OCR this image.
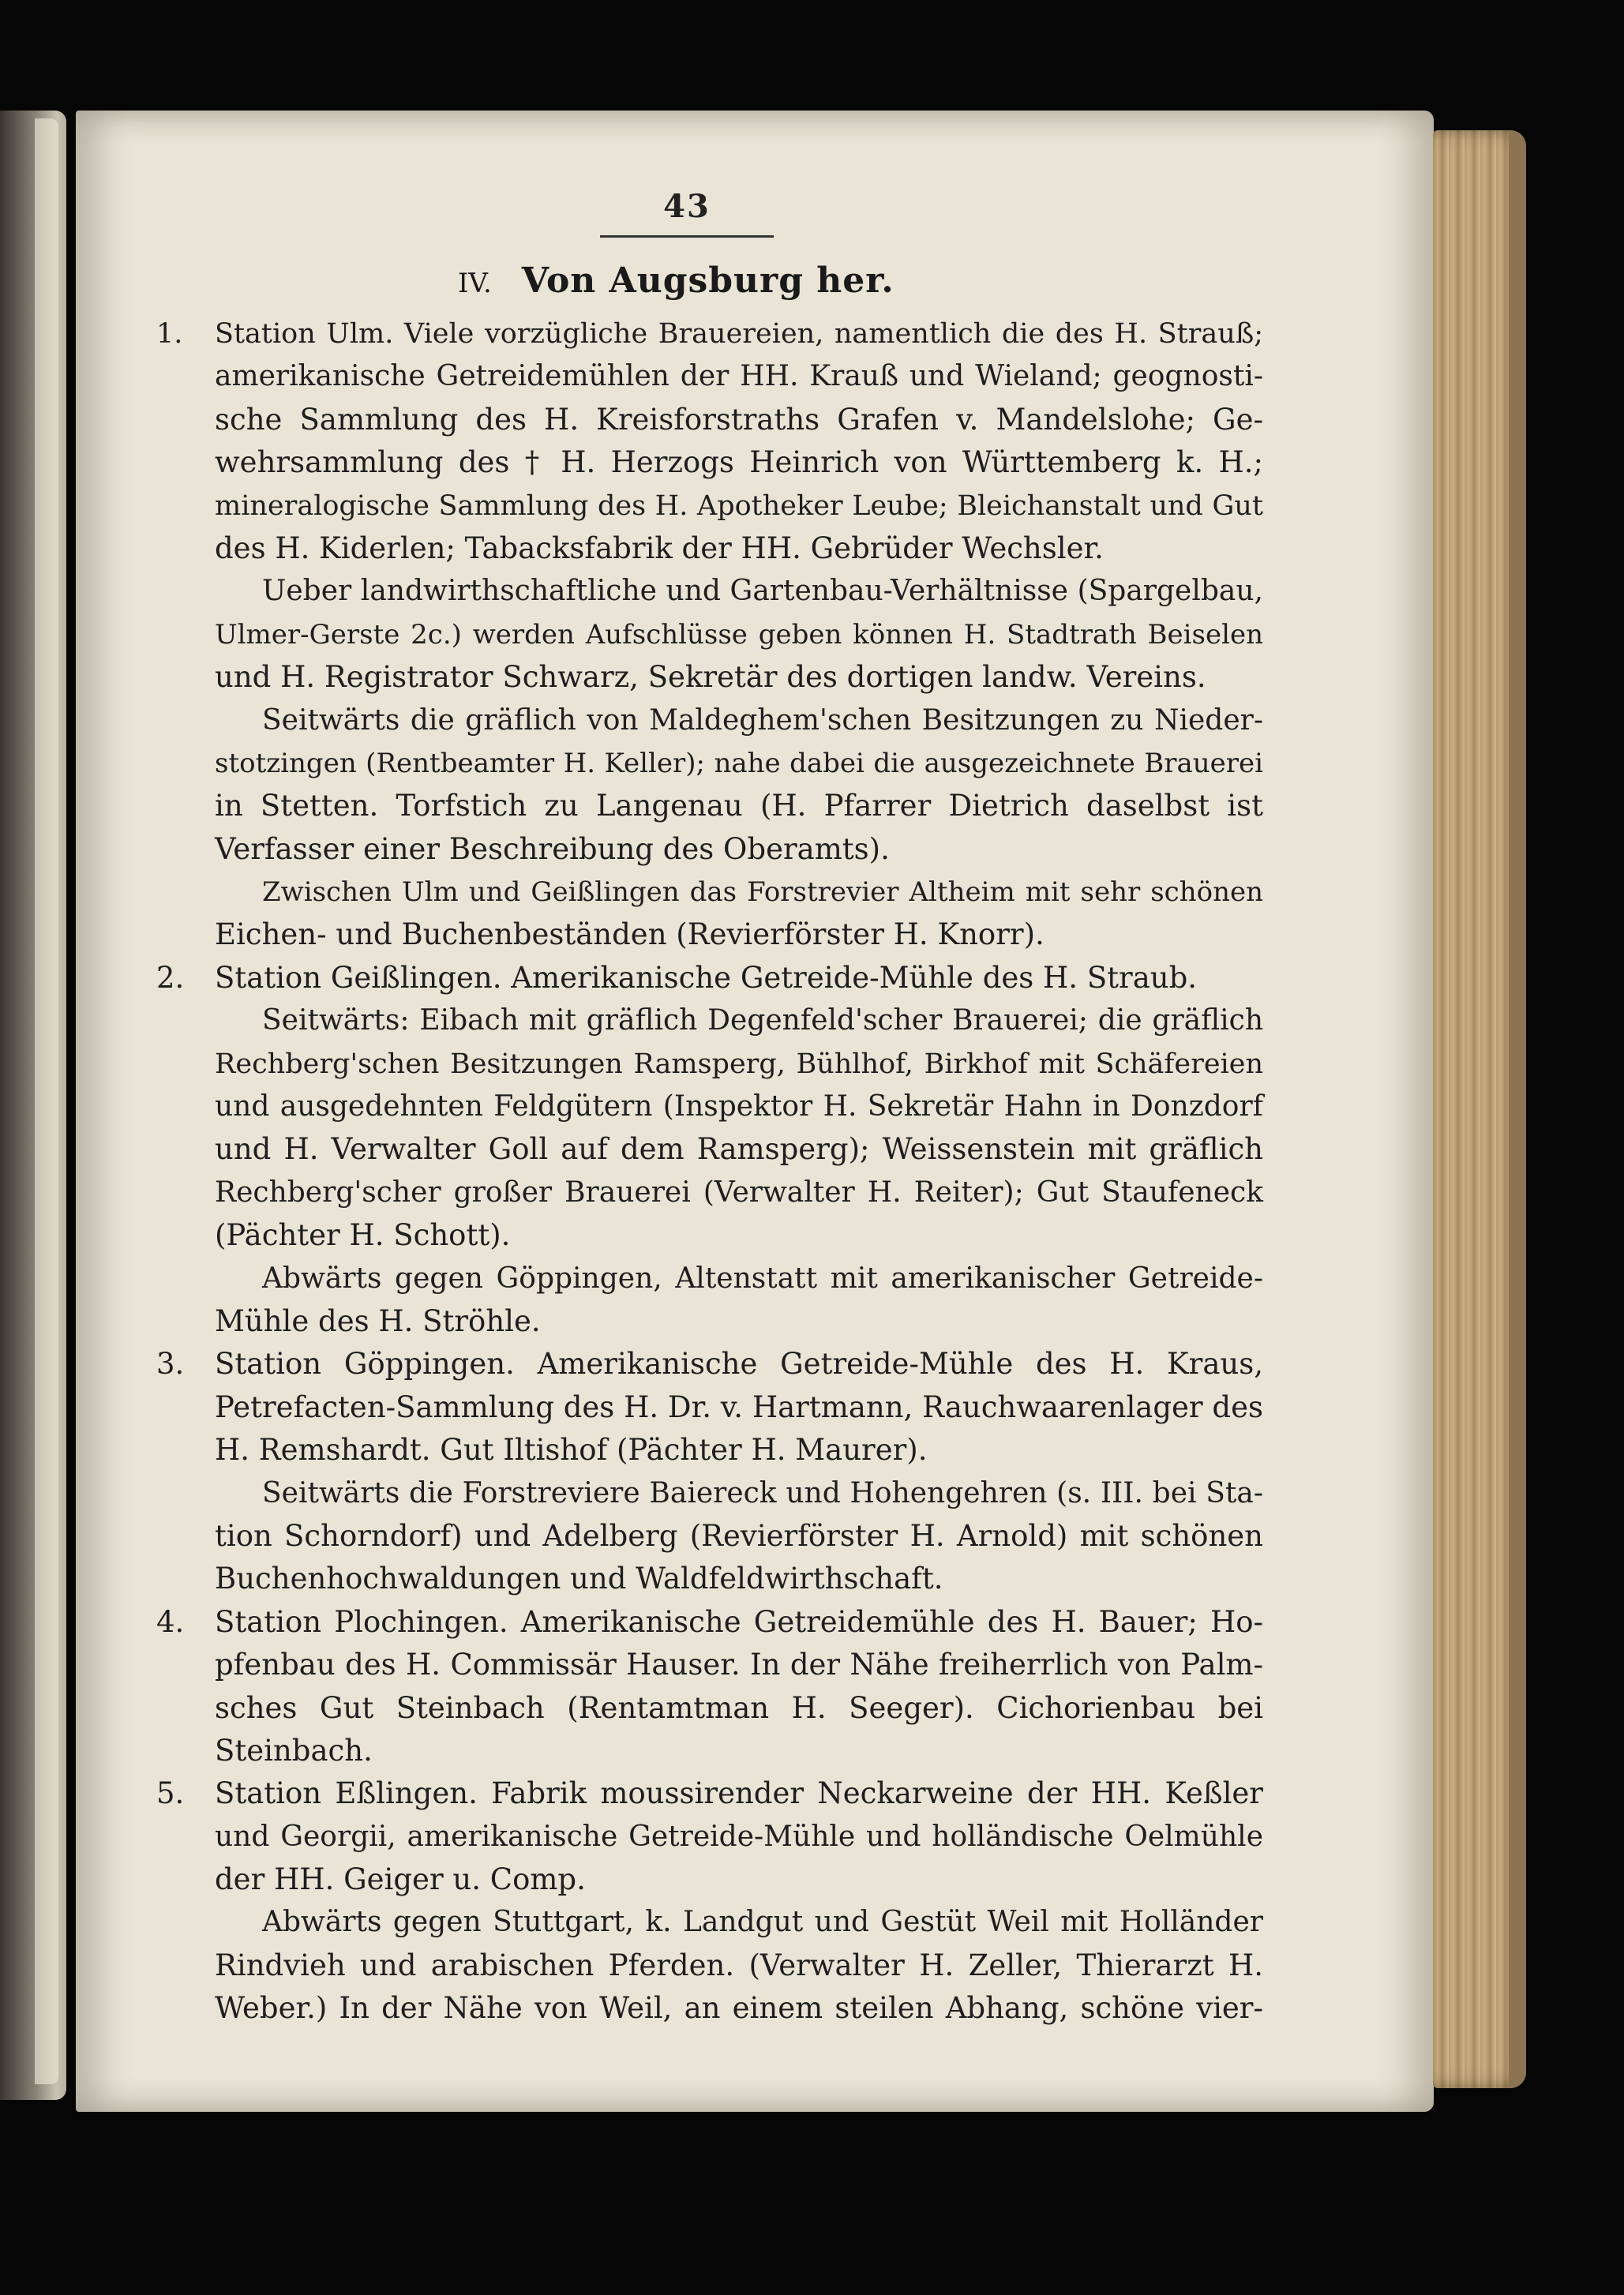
43
IV. Von Augsburg her.
1. Station Ulm. Viele vorzügliche Brauereien, namentlich die des H. Strauß;
amerikanische Getreidemühlen der HH. Krauß und Wieland; geognosti-
sche Sammlung des H. Kreisforstraths Grafen v. Mandelslohe; Ge-
wehrsammlung des † H. Herzogs Heinrich von Württemberg k. H.;
mineralogische Sammlung des H. Apotheker Leube; Bleichanstalt und Gut
des H. Kiderlen; Tabacksfabrik der HH. Gebrüder Wechsler.
Ueber landwirthschaftliche und Gartenbau-Verhältnisse (Spargelbau,
Ulmer-Gerste 2c.) werden Aufschlüsse geben können H. Stadtrath Beiselen
und H. Registrator Schwarz, Sekretär des dortigen landw. Vereins.
Seitwärts die gräflich von Maldeghem'schen Besitzungen zu Nieder-
stotzingen (Rentbeamter H. Keller); nahe dabei die ausgezeichnete Brauerei
in Stetten. Torfstich zu Langenau (H. Pfarrer Dietrich daselbst ist
Verfasser einer Beschreibung des Oberamts).
Zwischen Ulm und Geißlingen das Forstrevier Altheim mit sehr schönen
Eichen- und Buchenbeständen (Revierförster H. Knorr).
2. Station Geißlingen. Amerikanische Getreide-Mühle des H. Straub.
Seitwärts: Eibach mit gräflich Degenfeld'scher Brauerei; die gräflich
Rechberg'schen Besitzungen Ramsperg, Bühlhof, Birkhof mit Schäfereien
und ausgedehnten Feldgütern (Inspektor H. Sekretär Hahn in Donzdorf
und H. Verwalter Goll auf dem Ramsperg); Weissenstein mit gräflich
Rechberg'scher großer Brauerei (Verwalter H. Reiter); Gut Staufeneck
(Pächter H. Schott).
Abwärts gegen Göppingen, Altenstatt mit amerikanischer Getreide-
Mühle des H. Ströhle.
3. Station Göppingen. Amerikanische Getreide-Mühle des H. Kraus,
Petrefacten-Sammlung des H. Dr. v. Hartmann, Rauchwaarenlager des
H. Remshardt. Gut Iltishof (Pächter H. Maurer).
Seitwärts die Forstreviere Baiereck und Hohengehren (s. III. bei Sta-
tion Schorndorf) und Adelberg (Revierförster H. Arnold) mit schönen
Buchenhochwaldungen und Waldfeldwirthschaft.
4. Station Plochingen. Amerikanische Getreidemühle des H. Bauer; Ho-
pfenbau des H. Commissär Hauser. In der Nähe freiherrlich von Palm-
sches Gut Steinbach (Rentamtman H. Seeger). Cichorienbau bei
Steinbach.
5. Station Eßlingen. Fabrik moussirender Neckarweine der HH. Keßler
und Georgii, amerikanische Getreide-Mühle und holländische Oelmühle
der HH. Geiger u. Comp.
Abwärts gegen Stuttgart, k. Landgut und Gestüt Weil mit Holländer
Rindvieh und arabischen Pferden. (Verwalter H. Zeller, Thierarzt H.
Weber.) In der Nähe von Weil, an einem steilen Abhang, schöne vier-
